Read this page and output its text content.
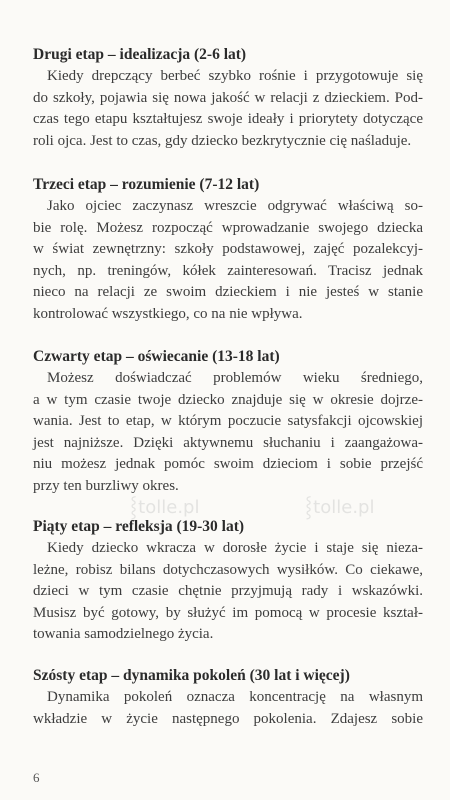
Drugi etap – idealizacja (2-6 lat)
Kiedy drepczący berbeć szybko rośnie i przygotowuje się
do szkoły, pojawia się nowa jakość w relacji z dzieckiem. Pod-
czas tego etapu kształtujesz swoje ideały i priorytety dotyczące
roli ojca. Jest to czas, gdy dziecko bezkrytycznie cię naśladuje.
Trzeci etap – rozumienie (7-12 lat)
Jako ojciec zaczynasz wreszcie odgrywać właściwą so-
bie rolę. Możesz rozpocząć wprowadzanie swojego dziecka
w świat zewnętrzny: szkoły podstawowej, zajęć pozalekcyj-
nych, np. treningów, kółek zainteresowań. Tracisz jednak
nieco na relacji ze swoim dzieckiem i nie jesteś w stanie
kontrolować wszystkiego, co na nie wpływa.
Czwarty etap – oświecanie (13-18 lat)
Możesz doświadczać problemów wieku średniego,
a w tym czasie twoje dziecko znajduje się w okresie dojrze-
wania. Jest to etap, w którym poczucie satysfakcji ojcowskiej
jest najniższe. Dzięki aktywnemu słuchaniu i zaangażowa-
niu możesz jednak pomóc swoim dzieciom i sobie przejść
przy ten burzliwy okres.
Piąty etap – refleksja (19-30 lat)
Kiedy dziecko wkracza w dorosłe życie i staje się nieza-
leżne, robisz bilans dotychczasowych wysiłków. Co ciekawe,
dzieci w tym czasie chętnie przyjmują rady i wskazówki.
Musisz być gotowy, by służyć im pomocą w procesie kształ-
towania samodzielnego życia.
Szósty etap – dynamika pokoleń (30 lat i więcej)
Dynamika pokoleń oznacza koncentrację na własnym
wkładzie w życie następnego pokolenia. Zdajesz sobie
⸾tolle.pl	⸾tolle.pl
6
